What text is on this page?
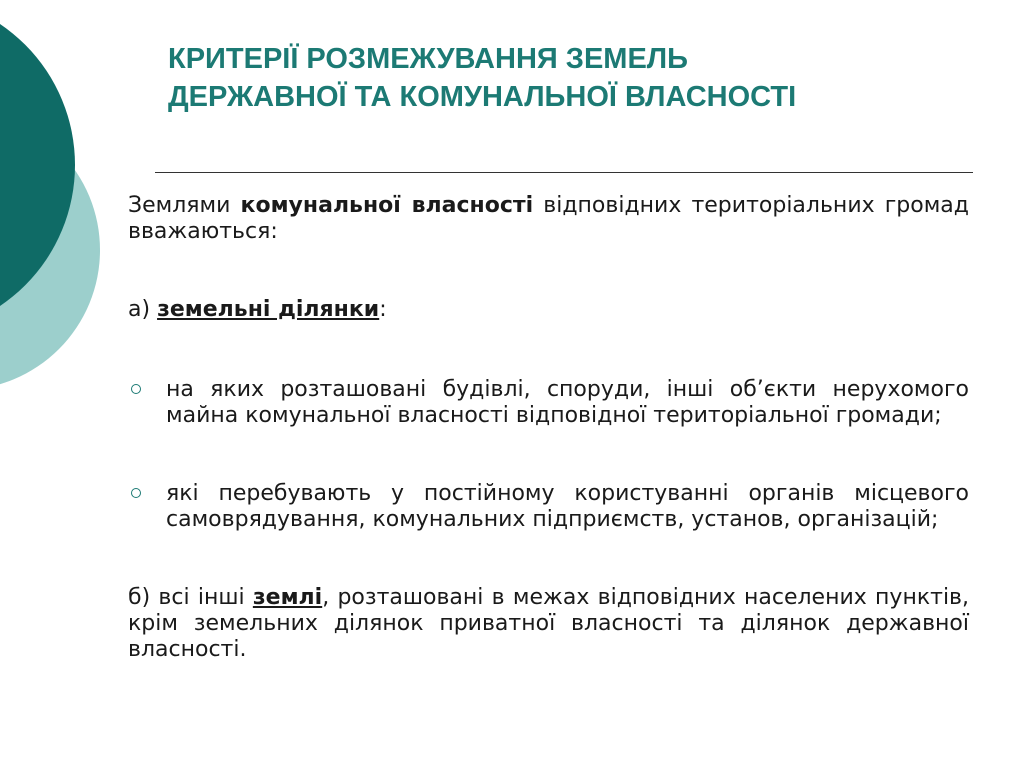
КРИТЕРІЇ РОЗМЕЖУВАННЯ ЗЕМЕЛЬ
ДЕРЖАВНОЇ ТА КОМУНАЛЬНОЇ ВЛАСНОСТІ

Землями комунальної власності відповідних територіальних громад вважаються:

а) земельні ділянки:

на яких розташовані будівлі, споруди, інші об’єкти нерухомого майна комунальної власності відповідної територіальної громади;
які перебувають у постійному користуванні органів місцевого самоврядування, комунальних підприємств, установ, організацій;

б) всі інші землі, розташовані в межах відповідних населених пунктів, крім земельних ділянок приватної власності та ділянок державної власності.
